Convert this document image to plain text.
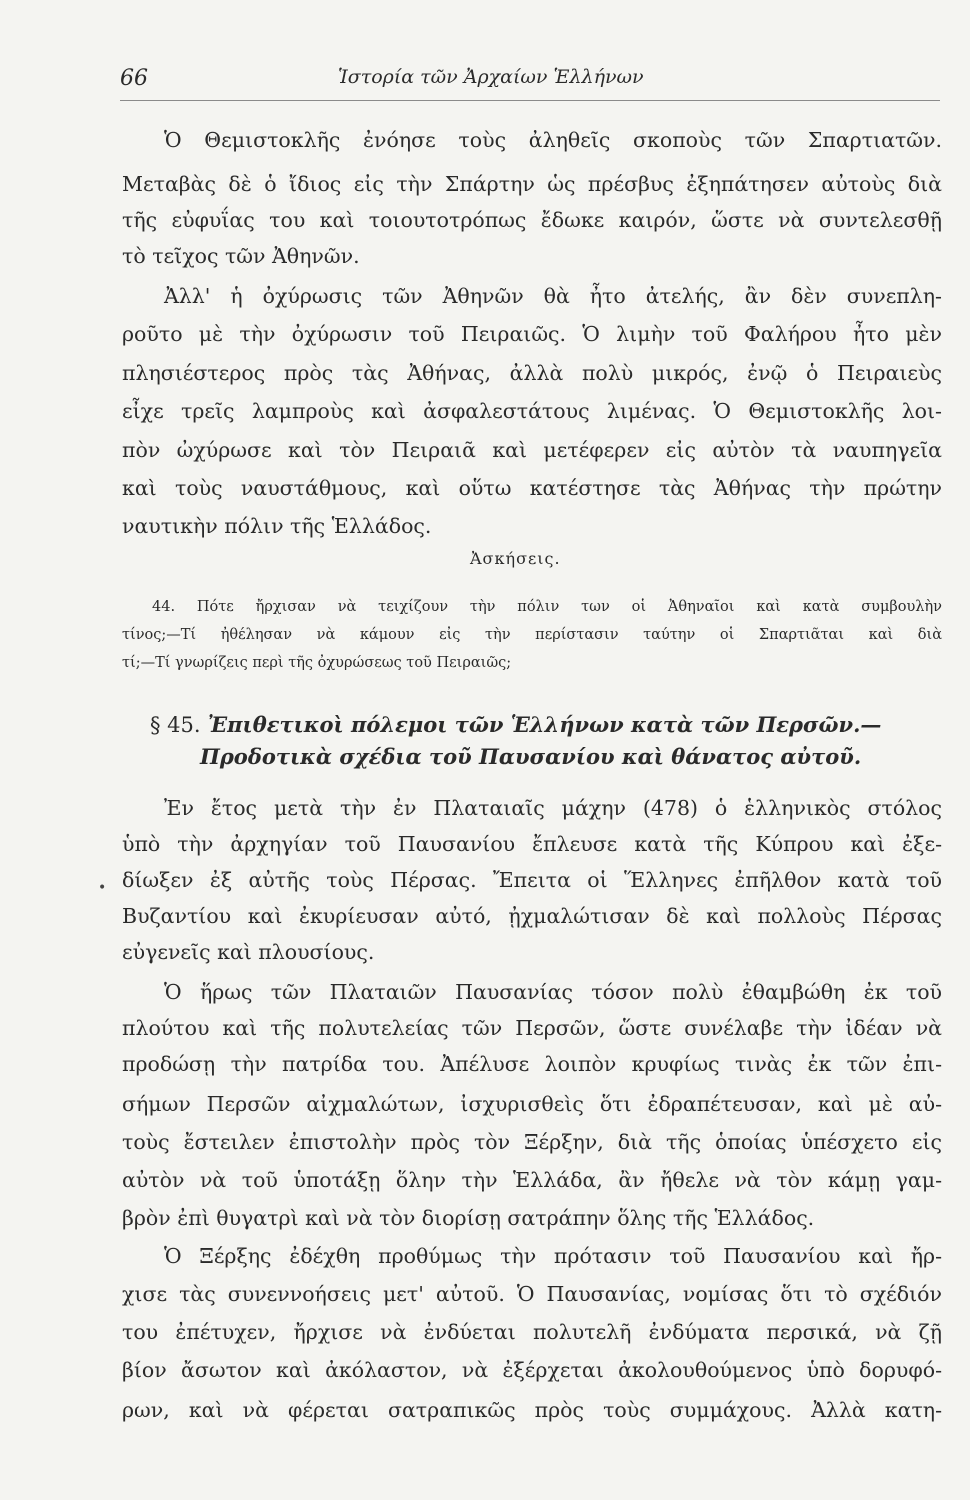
66	Ἱστορία τῶν Ἀρχαίων Ἑλλήνων
Ὁ Θεμιστοκλῆς ἐνόησε τοὺς ἀληθεῖς σκοποὺς τῶν Σπαρτιατῶν.
Μεταβὰς δὲ ὁ ἴδιος εἰς τὴν Σπάρτην ὡς πρέσβυς ἐξηπάτησεν αὐτοὺς διὰ
τῆς εὐφυΐας του καὶ τοιουτοτρόπως ἔδωκε καιρόν, ὥστε νὰ συντελεσθῇ
τὸ τεῖχος τῶν Ἀθηνῶν.
Ἀλλ' ἡ ὀχύρωσις τῶν Ἀθηνῶν θὰ ἦτο ἀτελής, ἂν δὲν συνεπλη-
ροῦτο μὲ τὴν ὀχύρωσιν τοῦ Πειραιῶς. Ὁ λιμὴν τοῦ Φαλήρου ἦτο μὲν
πλησιέστερος πρὸς τὰς Ἀθήνας, ἀλλὰ πολὺ μικρός, ἐνῷ ὁ Πειραιεὺς
εἶχε τρεῖς λαμπροὺς καὶ ἀσφαλεστάτους λιμένας. Ὁ Θεμιστοκλῆς λοι-
πὸν ὠχύρωσε καὶ τὸν Πειραιᾶ καὶ μετέφερεν εἰς αὐτὸν τὰ ναυπηγεῖα
καὶ τοὺς ναυστάθμους, καὶ οὕτω κατέστησε τὰς Ἀθήνας τὴν πρώτην
ναυτικὴν πόλιν τῆς Ἑλλάδος.
Ἀσκήσεις.
44. Πότε ἤρχισαν νὰ τειχίζουν τὴν πόλιν των οἱ Ἀθηναῖοι καὶ κατὰ συμβουλὴν
τίνος;—Τί ἠθέλησαν νὰ κάμουν εἰς τὴν περίστασιν ταύτην οἱ Σπαρτιᾶται καὶ διὰ
τί;—Τί γνωρίζεις περὶ τῆς ὀχυρώσεως τοῦ Πειραιῶς;
§ 45. Ἐπιθετικοὶ πόλεμοι τῶν Ἑλλήνων κατὰ τῶν Περσῶν.—
Προδοτικὰ σχέδια τοῦ Παυσανίου καὶ θάνατος αὐτοῦ.
Ἐν ἔτος μετὰ τὴν ἐν Πλαταιαῖς μάχην (478) ὁ ἑλληνικὸς στόλος
ὑπὸ τὴν ἀρχηγίαν τοῦ Παυσανίου ἔπλευσε κατὰ τῆς Κύπρου καὶ ἐξε-
δίωξεν ἐξ αὐτῆς τοὺς Πέρσας. Ἔπειτα οἱ Ἕλληνες ἐπῆλθον κατὰ τοῦ
Βυζαντίου καὶ ἐκυρίευσαν αὐτό, ᾐχμαλώτισαν δὲ καὶ πολλοὺς Πέρσας
εὐγενεῖς καὶ πλουσίους.
Ὁ ἥρως τῶν Πλαταιῶν Παυσανίας τόσον πολὺ ἐθαμβώθη ἐκ τοῦ
πλούτου καὶ τῆς πολυτελείας τῶν Περσῶν, ὥστε συνέλαβε τὴν ἰδέαν νὰ
προδώσῃ τὴν πατρίδα του. Ἀπέλυσε λοιπὸν κρυφίως τινὰς ἐκ τῶν ἐπι-
σήμων Περσῶν αἰχμαλώτων, ἰσχυρισθεὶς ὅτι ἐδραπέτευσαν, καὶ μὲ αὐ-
τοὺς ἔστειλεν ἐπιστολὴν πρὸς τὸν Ξέρξην, διὰ τῆς ὁποίας ὑπέσχετο εἰς
αὐτὸν νὰ τοῦ ὑποτάξῃ ὅλην τὴν Ἑλλάδα, ἂν ἤθελε νὰ τὸν κάμῃ γαμ-
βρὸν ἐπὶ θυγατρὶ καὶ νὰ τὸν διορίσῃ σατράπην ὅλης τῆς Ἑλλάδος.
Ὁ Ξέρξης ἐδέχθη προθύμως τὴν πρότασιν τοῦ Παυσανίου καὶ ἤρ-
χισε τὰς συνεννοήσεις μετ' αὐτοῦ. Ὁ Παυσανίας, νομίσας ὅτι τὸ σχέδιόν
του ἐπέτυχεν, ἤρχισε νὰ ἐνδύεται πολυτελῆ ἐνδύματα περσικά, νὰ ζῇ
βίον ἄσωτον καὶ ἀκόλαστον, νὰ ἐξέρχεται ἀκολουθούμενος ὑπὸ δορυφό-
ρων, καὶ νὰ φέρεται σατραπικῶς πρὸς τοὺς συμμάχους. Ἀλλὰ κατη-
•
